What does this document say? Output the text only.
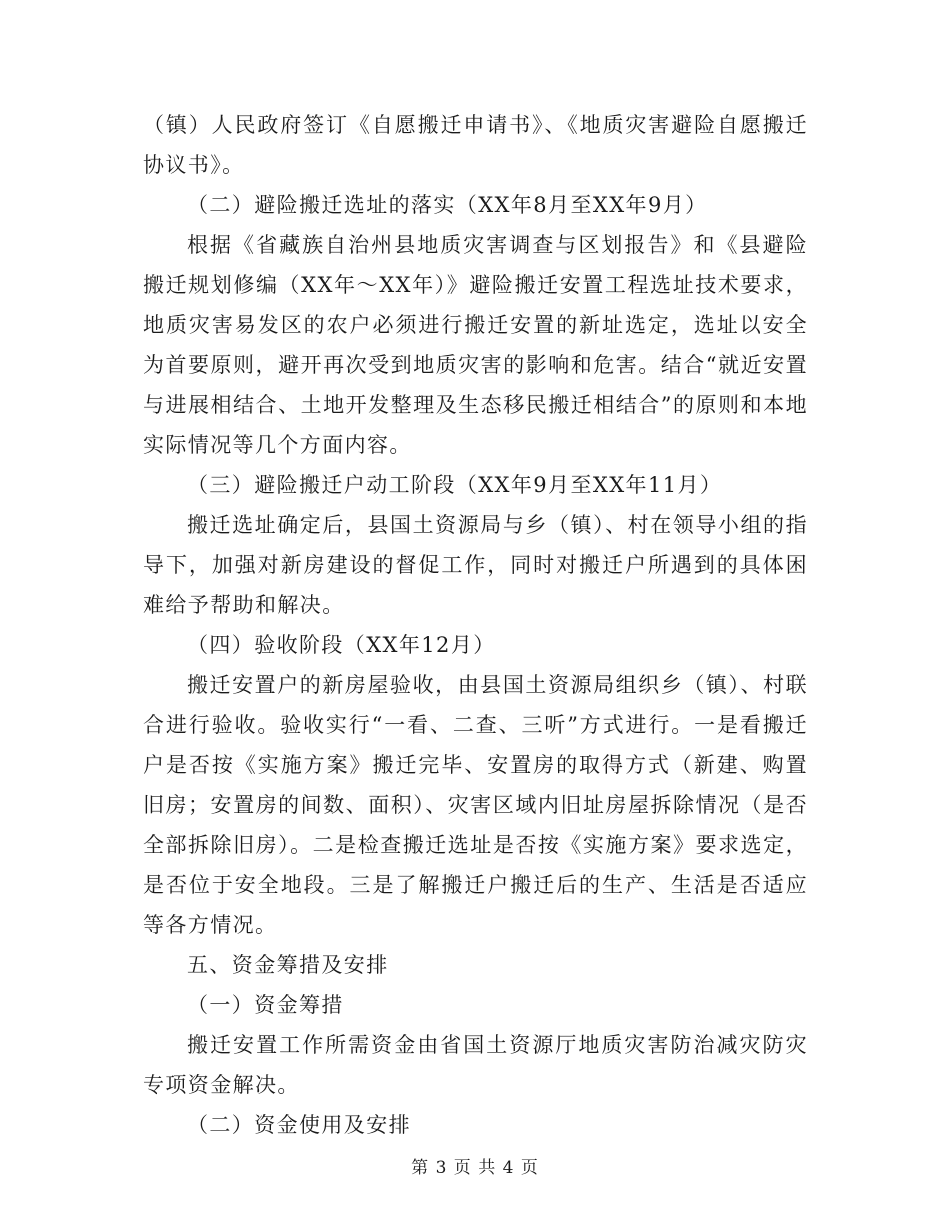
（镇）人民政府签订《自愿搬迁申请书》、《地质灾害避险自愿搬迁协议书》。

（二）避险搬迁选址的落实（XX年8月至XX年9月）

根据《省藏族自治州县地质灾害调查与区划报告》和《县避险搬迁规划修编（XX年～XX年）》避险搬迁安置工程选址技术要求，地质灾害易发区的农户必须进行搬迁安置的新址选定，选址以安全为首要原则，避开再次受到地质灾害的影响和危害。结合“就近安置与进展相结合、土地开发整理及生态移民搬迁相结合”的原则和本地实际情况等几个方面内容。

（三）避险搬迁户动工阶段（XX年9月至XX年11月）

搬迁选址确定后，县国土资源局与乡（镇）、村在领导小组的指导下，加强对新房建设的督促工作，同时对搬迁户所遇到的具体困难给予帮助和解决。

（四）验收阶段（XX年12月）

搬迁安置户的新房屋验收，由县国土资源局组织乡（镇）、村联合进行验收。验收实行“一看、二查、三听”方式进行。一是看搬迁户是否按《实施方案》搬迁完毕、安置房的取得方式（新建、购置旧房；安置房的间数、面积）、灾害区域内旧址房屋拆除情况（是否全部拆除旧房）。二是检查搬迁选址是否按《实施方案》要求选定，是否位于安全地段。三是了解搬迁户搬迁后的生产、生活是否适应等各方情况。

五、资金筹措及安排

（一）资金筹措

搬迁安置工作所需资金由省国土资源厅地质灾害防治减灾防灾专项资金解决。

（二）资金使用及安排

第 3 页 共 4 页
